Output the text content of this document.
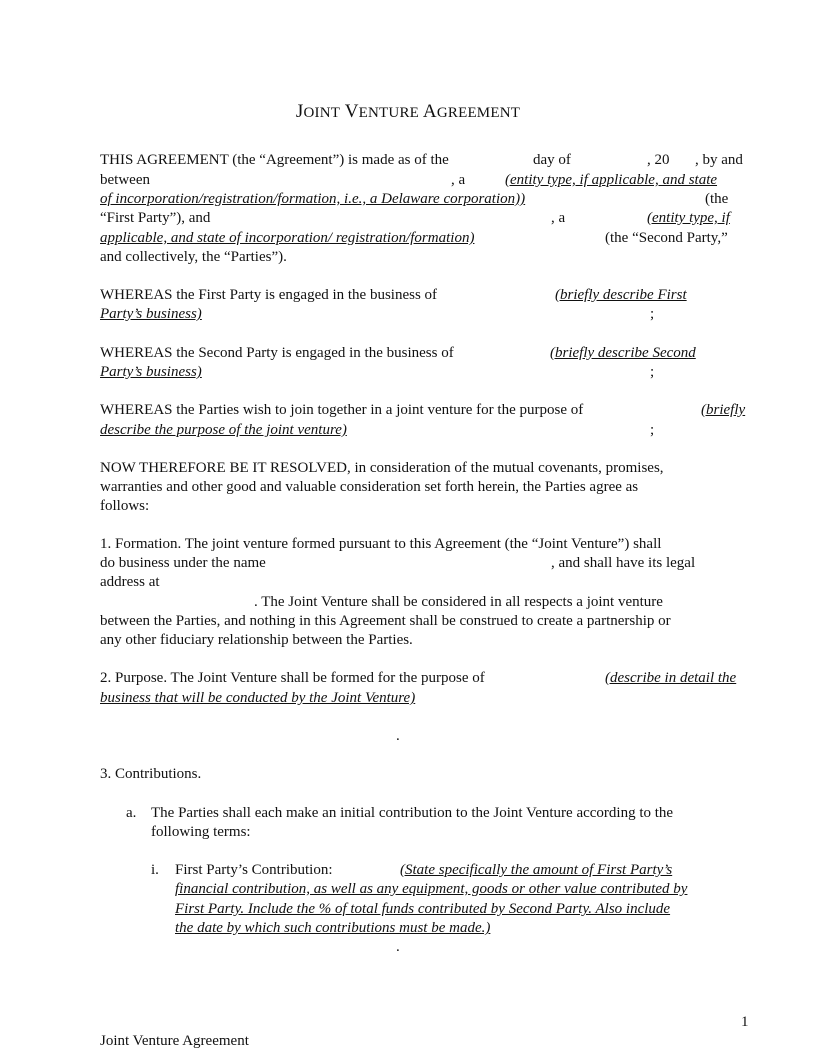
JOINT VENTURE AGREEMENT
THIS AGREEMENT (the “Agreement”) is made as of the	day of	, 20 , by and
between	, a	(entity type, if applicable, and state
of incorporation/registration/formation, i.e., a Delaware corporation))	(the
“First Party”), and	, a	(entity type, if
applicable, and state of incorporation/ registration/formation)	(the “Second Party,”
and collectively, the “Parties”).
WHEREAS the First Party is engaged in the business of	(briefly describe First
Party’s business)	;
WHEREAS the Second Party is engaged in the business of	(briefly describe Second
Party’s business)	;
WHEREAS the Parties wish to join together in a joint venture for the purpose of	(briefly
describe the purpose of the joint venture)	;
NOW THEREFORE BE IT RESOLVED, in consideration of the mutual covenants, promises,
warranties and other good and valuable consideration set forth herein, the Parties agree as
follows:
1. Formation. The joint venture formed pursuant to this Agreement (the “Joint Venture”) shall
do business under the name	, and shall have its legal
address at
. The Joint Venture shall be considered in all respects a joint venture
between the Parties, and nothing in this Agreement shall be construed to create a partnership or
any other fiduciary relationship between the Parties.
2. Purpose. The Joint Venture shall be formed for the purpose of	(describe in detail the
business that will be conducted by the Joint Venture)
.
3. Contributions.
a. The Parties shall each make an initial contribution to the Joint Venture according to the
following terms:
i. First Party’s Contribution:	(State specifically the amount of First Party’s
financial contribution, as well as any equipment, goods or other value contributed by
First Party. Include the % of total funds contributed by Second Party. Also include
the date by which such contributions must be made.)
.
1
Joint Venture Agreement
